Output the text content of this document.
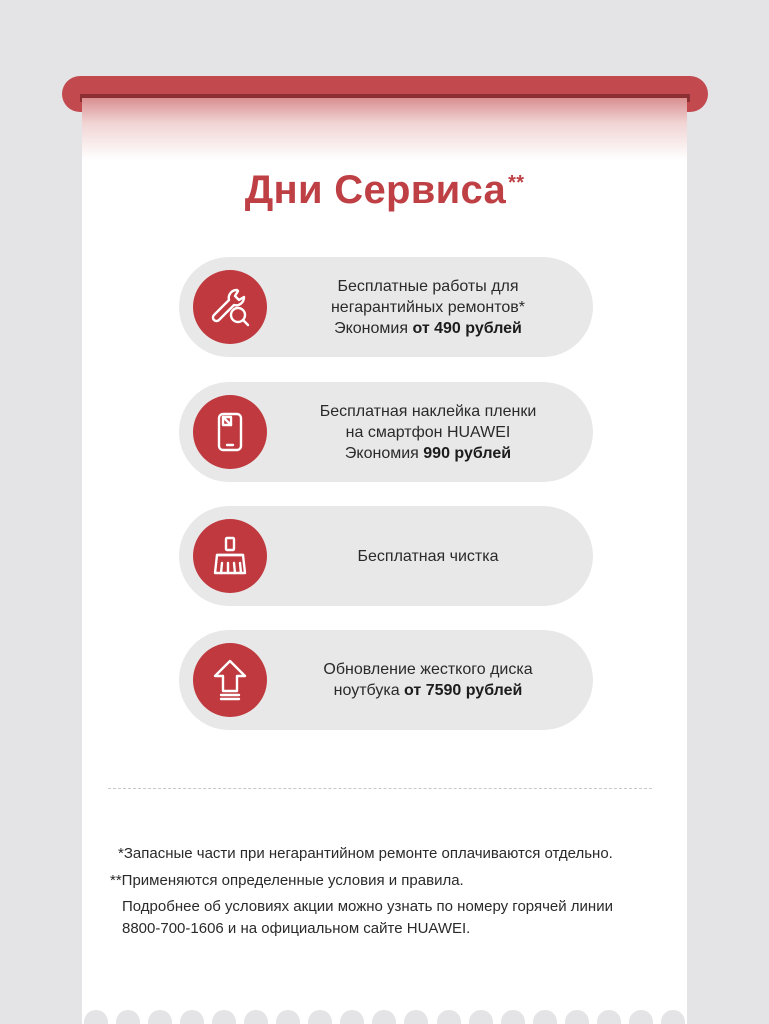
Дни Сервиса **
Бесплатные работы для
негарантийных ремонтов*
Экономия от 490 рублей
Бесплатная наклейка пленки
на смартфон HUAWEI
Экономия 990 рублей
Бесплатная чистка
Обновление жесткого диска
ноутбука от 7590 рублей
*Запасные части при негарантийном ремонте оплачиваются отдельно.
**Применяются определенные условия и правила.
Подробнее об условиях акции можно узнать по номеру горячей линии
8800-700-1606 и на официальном сайте HUAWEI.
